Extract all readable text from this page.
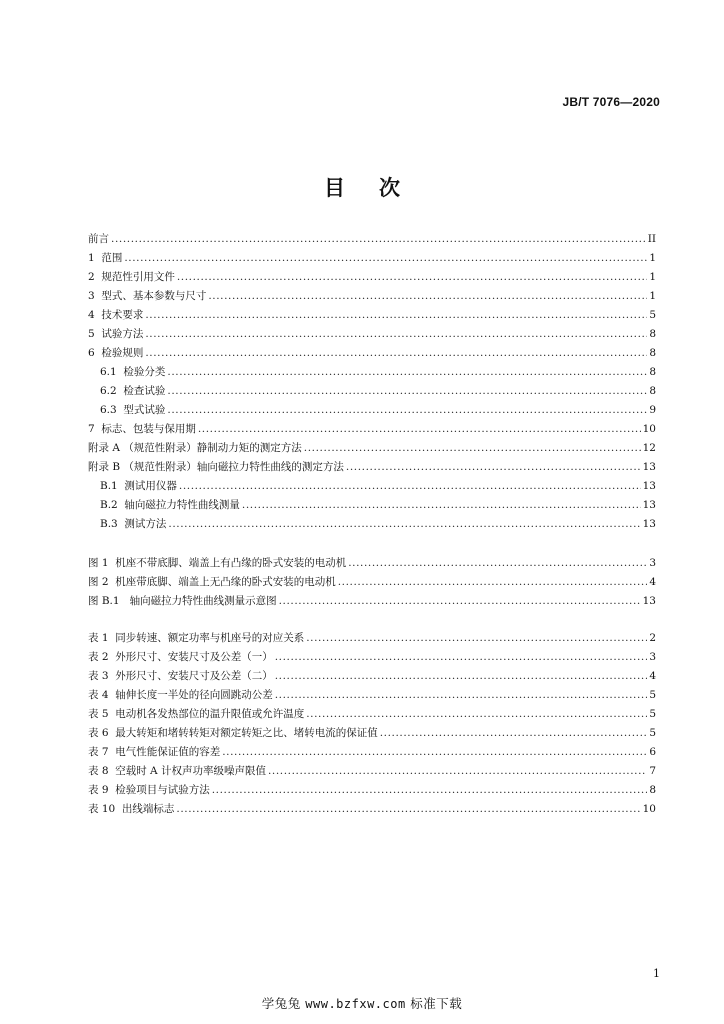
JB/T 7076—2020
目次
前言 .....	II
1 范围 .....	1
2 规范性引用文件 .....	1
3 型式、基本参数与尺寸 .....	1
4 技术要求 .....	5
5 试验方法 .....	8
6 检验规则 .....	8
6.1 检验分类 .....	8
6.2 检查试验 .....	8
6.3 型式试验 .....	9
7 标志、包装与保用期 .....	10
附录 A （规范性附录）静制动力矩的测定方法 .....	12
附录 B （规范性附录）轴向磁拉力特性曲线的测定方法 .....	13
B.1 测试用仪器 .....	13
B.2 轴向磁拉力特性曲线测量 .....	13
B.3 测试方法 .....	13
图 1 机座不带底脚、端盖上有凸缘的卧式安装的电动机 .....	3
图 2 机座带底脚、端盖上无凸缘的卧式安装的电动机 .....	4
图 B.1 轴向磁拉力特性曲线测量示意图 .....	13
表 1 同步转速、额定功率与机座号的对应关系 .....	2
表 2 外形尺寸、安装尺寸及公差（一） .....	3
表 3 外形尺寸、安装尺寸及公差（二） .....	4
表 4 轴伸长度一半处的径向圆跳动公差 .....	5
表 5 电动机各发热部位的温升限值或允许温度 .....	5
表 6 最大转矩和堵转转矩对额定转矩之比、堵转电流的保证值 .....	5
表 7 电气性能保证值的容差 .....	6
表 8 空载时 A 计权声功率级噪声限值 .....	7
表 9 检验项目与试验方法 .....	8
表 10 出线端标志 .....	10
1
学兔兔 www.bzfxw.com 标准下载
